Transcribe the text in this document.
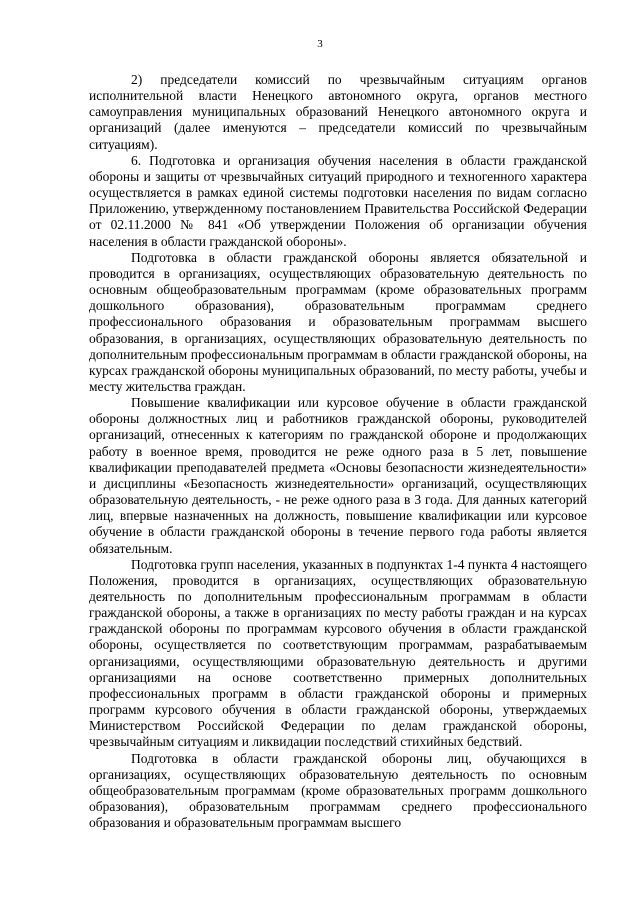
3

2) председатели комиссий по чрезвычайным ситуациям органов исполнительной власти Ненецкого автономного округа, органов местного самоуправления муниципальных образований Ненецкого автономного округа и организаций (далее именуются – председатели комиссий по чрезвычайным ситуациям).

6. Подготовка и организация обучения населения в области гражданской обороны и защиты от чрезвычайных ситуаций природного и техногенного характера осуществляется в рамках единой системы подготовки населения по видам согласно Приложению, утвержденному постановлением Правительства Российской Федерации от 02.11.2000 № 841 «Об утверждении Положения об организации обучения населения в области гражданской обороны».

Подготовка в области гражданской обороны является обязательной и проводится в организациях, осуществляющих образовательную деятельность по основным общеобразовательным программам (кроме образовательных программ дошкольного образования), образовательным программам среднего профессионального образования и образовательным программам высшего образования, в организациях, осуществляющих образовательную деятельность по дополнительным профессиональным программам в области гражданской обороны, на курсах гражданской обороны муниципальных образований, по месту работы, учебы и месту жительства граждан.

Повышение квалификации или курсовое обучение в области гражданской обороны должностных лиц и работников гражданской обороны, руководителей организаций, отнесенных к категориям по гражданской обороне и продолжающих работу в военное время, проводится не реже одного раза в 5 лет, повышение квалификации преподавателей предмета «Основы безопасности жизнедеятельности» и дисциплины «Безопасность жизнедеятельности» организаций, осуществляющих образовательную деятельность, - не реже одного раза в 3 года. Для данных категорий лиц, впервые назначенных на должность, повышение квалификации или курсовое обучение в области гражданской обороны в течение первого года работы является обязательным.

Подготовка групп населения, указанных в подпунктах 1-4 пункта 4 настоящего Положения, проводится в организациях, осуществляющих образовательную деятельность по дополнительным профессиональным программам в области гражданской обороны, а также в организациях по месту работы граждан и на курсах гражданской обороны по программам курсового обучения в области гражданской обороны, осуществляется по соответствующим программам, разрабатываемым организациями, осуществляющими образовательную деятельность и другими организациями на основе соответственно примерных дополнительных профессиональных программ в области гражданской обороны и примерных программ курсового обучения в области гражданской обороны, утверждаемых Министерством Российской Федерации по делам гражданской обороны, чрезвычайным ситуациям и ликвидации последствий стихийных бедствий.

Подготовка в области гражданской обороны лиц, обучающихся в организациях, осуществляющих образовательную деятельность по основным общеобразовательным программам (кроме образовательных программ дошкольного образования), образовательным программам среднего профессионального образования и образовательным программам высшего
